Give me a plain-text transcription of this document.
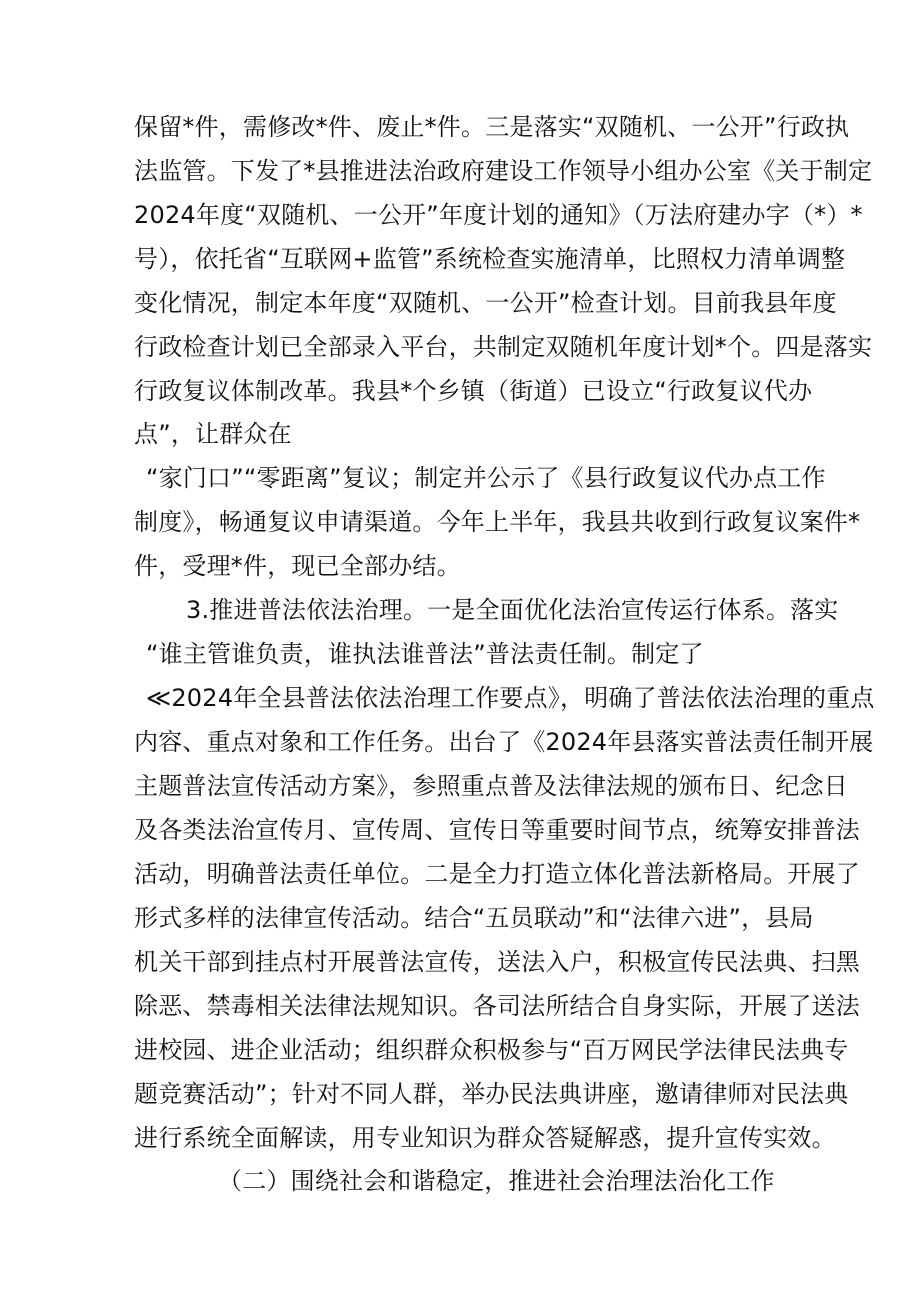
保留*件，需修改*件、废止*件。三是落实“双随机、一公开”行政执
法监管。下发了*县推进法治政府建设工作领导小组办公室《关于制定
2024年度“双随机、一公开”年度计划的通知》（万法府建办字（*）*
号），依托省“互联网+监管”系统检查实施清单，比照权力清单调整
变化情况，制定本年度“双随机、一公开”检查计划。目前我县年度
行政检查计划已全部录入平台，共制定双随机年度计划*个。四是落实
行政复议体制改革。我县*个乡镇（街道）已设立“行政复议代办
点”，让群众在
“家门口”“零距离”复议；制定并公示了《县行政复议代办点工作
制度》，畅通复议申请渠道。今年上半年，我县共收到行政复议案件*
件，受理*件，现已全部办结。
3.推进普法依法治理。一是全面优化法治宣传运行体系。落实
“谁主管谁负责，谁执法谁普法”普法责任制。制定了
≪2024年全县普法依法治理工作要点》，明确了普法依法治理的重点
内容、重点对象和工作任务。出台了《2024年县落实普法责任制开展
主题普法宣传活动方案》，参照重点普及法律法规的颁布日、纪念日
及各类法治宣传月、宣传周、宣传日等重要时间节点，统筹安排普法
活动，明确普法责任单位。二是全力打造立体化普法新格局。开展了
形式多样的法律宣传活动。结合“五员联动”和“法律六进”，县局
机关干部到挂点村开展普法宣传，送法入户，积极宣传民法典、扫黑
除恶、禁毒相关法律法规知识。各司法所结合自身实际，开展了送法
进校园、进企业活动；组织群众积极参与“百万网民学法律民法典专
题竞赛活动”；针对不同人群，举办民法典讲座，邀请律师对民法典
进行系统全面解读，用专业知识为群众答疑解惑，提升宣传实效。
（二）围绕社会和谐稳定，推进社会治理法治化工作
